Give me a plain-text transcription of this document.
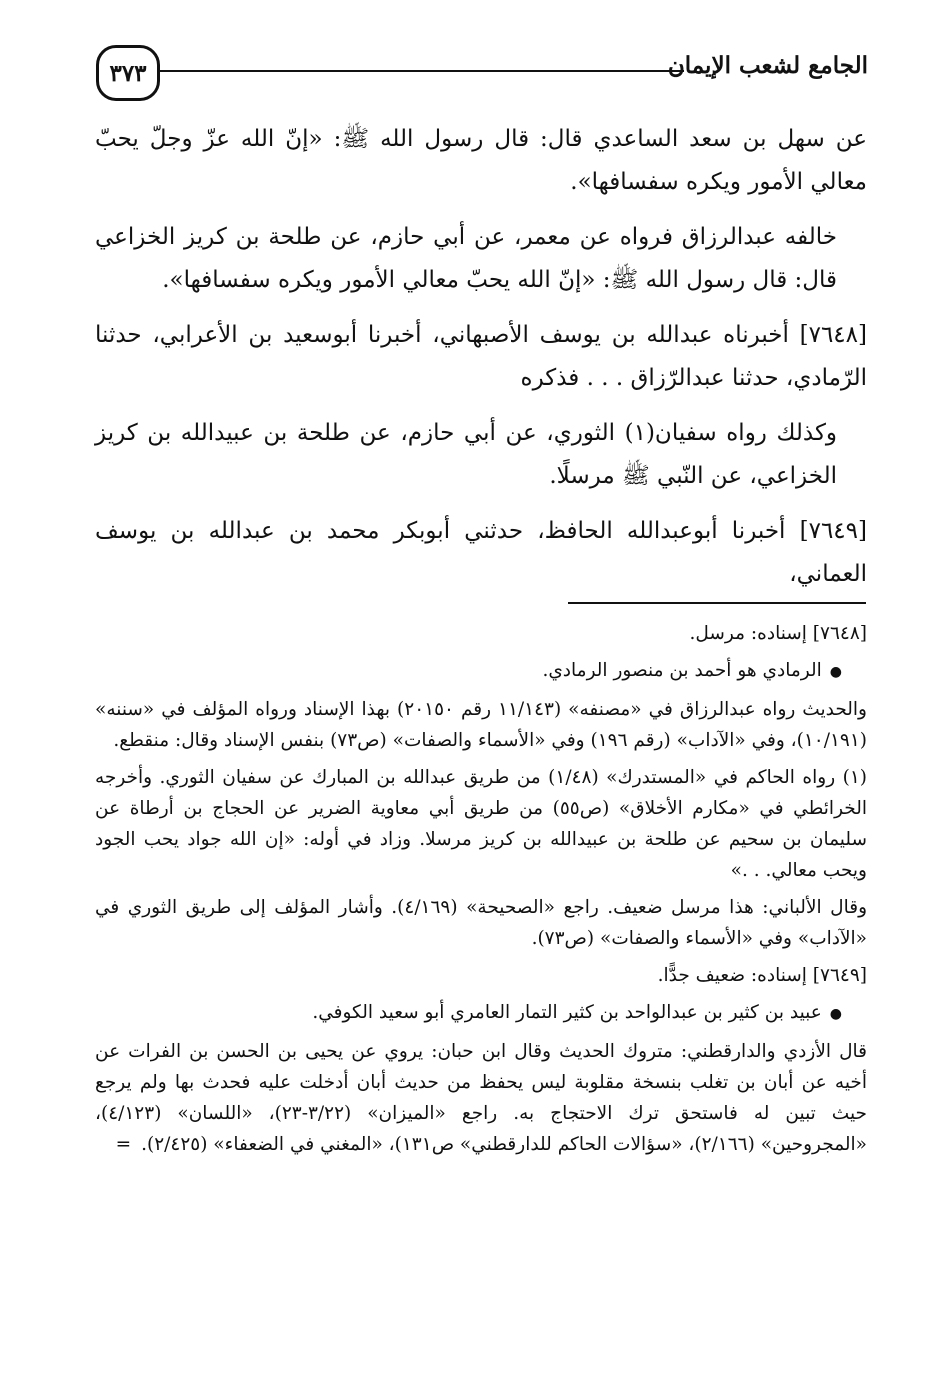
٣٧٣	الجامع لشعب الإيمان

عن سهل بن سعد الساعدي قال: قال رسول الله ﷺ: «إنّ الله عزّ وجلّ يحبّ معالي الأمور ويكره سفسافها».

خالفه عبدالرزاق فرواه عن معمر، عن أبي حازم، عن طلحة بن كريز الخزاعي قال: قال رسول الله ﷺ: «إنّ الله يحبّ معالي الأمور ويكره سفسافها».

[٧٦٤٨] أخبرناه عبدالله بن يوسف الأصبهاني، أخبرنا أبوسعيد بن الأعرابي، حدثنا الرّمادي، حدثنا عبدالرّزاق . . . فذكره

وكذلك رواه سفيان(١) الثوري، عن أبي حازم، عن طلحة بن عبيدالله بن كريز الخزاعي، عن النّبي ﷺ مرسلًا.

[٧٦٤٩] أخبرنا أبوعبدالله الحافظ، حدثني أبوبكر محمد بن عبدالله بن يوسف العماني،

[٧٦٤٨] إسناده: مرسل.

● الرمادي هو أحمد بن منصور الرمادي.

والحديث رواه عبدالرزاق في «مصنفه» (١١/١٤٣ رقم ٢٠١٥٠) بهذا الإسناد ورواه المؤلف في «سننه» (١٠/١٩١)، وفي «الآداب» (رقم ١٩٦) وفي «الأسماء والصفات» (ص٧٣) بنفس الإسناد وقال: منقطع.

(١) رواه الحاكم في «المستدرك» (١/٤٨) من طريق عبدالله بن المبارك عن سفيان الثوري. وأخرجه الخرائطي في «مكارم الأخلاق» (ص٥٥) من طريق أبي معاوية الضرير عن الحجاج بن أرطاة عن سليمان بن سحيم عن طلحة بن عبيدالله بن كريز مرسلا. وزاد في أوله: «إن الله جواد يحب الجود ويحب معالي. . .»

وقال الألباني: هذا مرسل ضعيف. راجع «الصحيحة» (٤/١٦٩). وأشار المؤلف إلى طريق الثوري في «الآداب» وفي «الأسماء والصفات» (ص٧٣).

[٧٦٤٩] إسناده: ضعيف جدًّا.

● عبيد بن كثير بن عبدالواحد بن كثير التمار العامري أبو سعيد الكوفي.

قال الأزدي والدارقطني: متروك الحديث وقال ابن حبان: يروي عن يحيى بن الحسن بن الفرات عن أخيه عن أبان بن تغلب بنسخة مقلوبة ليس يحفظ من حديث أبان أدخلت عليه فحدث بها ولم يرجع حيث تبين له فاستحق ترك الاحتجاج به. راجع «الميزان» (٣/٢٢-٢٣)، «اللسان» (٤/١٢٣)، «المجروحين» (٢/١٦٦)، «سؤالات الحاكم للدارقطني» ص١٣١)، «المغني في الضعفاء» (٢/٤٢٥).=
